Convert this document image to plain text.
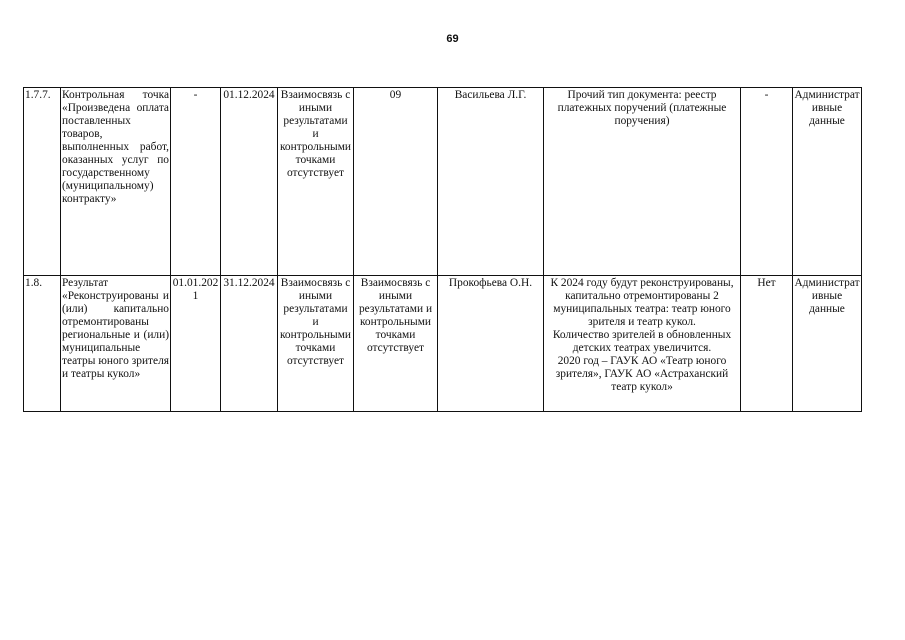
69
1.7.7.	Контрольная точка «Произведена оплата поставленных товаров, выполненных работ, оказанных услуг по государственному (муниципальному) контракту»	-	01.12.2024	Взаимосвязь с иными результатами и контрольными точками отсутствует	09	Васильева Л.Г.	Прочий тип документа: реестр платежных поручений (платежные поручения)	-	Административные данные
1.8.	Результат «Реконструированы и (или) капитально отремонтированы региональные и (или) муниципальные театры юного зрителя и театры кукол»	01.01.2021	31.12.2024	Взаимосвязь с иными результатами и контрольными точками отсутствует	Взаимосвязь с иными результатами и контрольными точками отсутствует	Прокофьева О.Н.	К 2024 году будут реконструированы, капитально отремонтированы 2 муниципальных театра: театр юного зрителя и театр кукол.
Количество зрителей в обновленных детских театрах увеличится.
2020 год – ГАУК АО «Театр юного зрителя», ГАУК АО «Астраханский театр кукол»	Нет	Административные данные
